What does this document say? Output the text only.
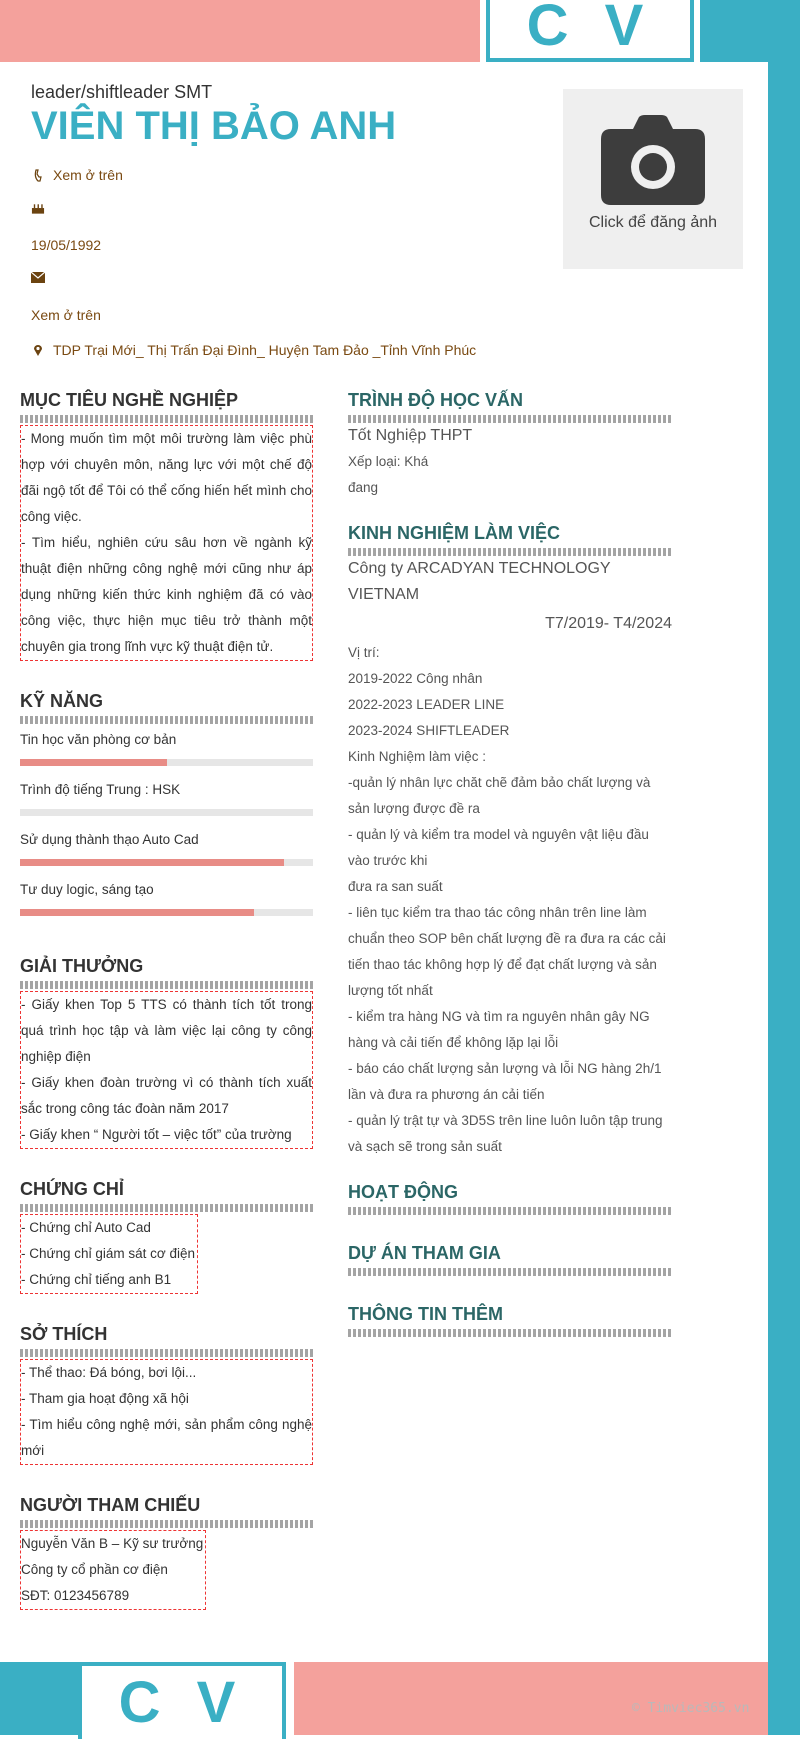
C V
C V	© Timviec365.vn
leader/shiftleader SMT
VIÊN THỊ BẢO ANH
Xem ở trên
19/05/1992
Xem ở trên
TDP Trại Mới_ Thị Trấn Đại Đình_ Huyện Tam Đảo _Tỉnh Vĩnh Phúc
Click để đăng ảnh
MỤC TIÊU NGHỀ NGHIỆP
- Mong muốn tìm một môi trường làm việc phù hợp với chuyên môn, năng lực với một chế độ đãi ngộ tốt để Tôi có thể cống hiến hết mình cho công việc.
- Tìm hiểu, nghiên cứu sâu hơn về ngành kỹ thuật điện những công nghệ mới cũng như áp dụng những kiến thức kinh nghiệm đã có vào công việc, thực hiện mục tiêu trở thành một chuyên gia trong lĩnh vực kỹ thuật điện tử.
KỸ NĂNG
Tin học văn phòng cơ bản
Trình độ tiếng Trung : HSK
Sử dụng thành thạo Auto Cad
Tư duy logic, sáng tạo
GIẢI THƯỞNG
- Giấy khen Top 5 TTS có thành tích tốt trong quá trình học tập và làm việc lại công ty công nghiệp điện
- Giấy khen đoàn trường vì có thành tích xuất sắc trong công tác đoàn năm 2017
- Giấy khen “ Người tốt – việc tốt” của trường
CHỨNG CHỈ
- Chứng chỉ Auto Cad
- Chứng chỉ giám sát cơ điện
- Chứng chỉ tiếng anh B1
SỞ THÍCH
- Thể thao: Đá bóng, bơi lội...
- Tham gia hoạt động xã hội
- Tìm hiểu công nghệ mới, sản phẩm công nghệ mới
NGƯỜI THAM CHIẾU
Nguyễn Văn B – Kỹ sư trưởng
Công ty cổ phần cơ điện
SĐT: 0123456789
TRÌNH ĐỘ HỌC VẤN
Tốt Nghiệp THPT
Xếp loại: Khá
đang
KINH NGHIỆM LÀM VIỆC
Công ty ARCADYAN TECHNOLOGY VIETNAM
T7/2019- T4/2024
Vị trí:
2019-2022 Công nhân
2022-2023 LEADER LINE
2023-2024 SHIFTLEADER
Kinh Nghiệm làm việc :
-quản lý nhân lực chăt chẽ đảm bảo chất lượng và sản lượng được đề ra
- quản lý và kiểm tra model và nguyên vật liệu đầu vào trước khi
đưa ra san suất
- liên tục kiểm tra thao tác công nhân trên line làm chuẩn theo SOP bên chất lượng đề ra đưa ra các cải tiến thao tác không hợp lý để đạt chất lượng và sản lượng tốt nhất
- kiểm tra hàng NG và tìm ra nguyên nhân gây NG hàng và cải tiến để không lặp lại lỗi
- báo cáo chất lượng sản lượng và lỗi NG hàng 2h/1 lần và đưa ra phương án cải tiến
- quản lý trật tự và 3D5S trên line luôn luôn tập trung và sạch sẽ trong sản suất
HOẠT ĐỘNG
DỰ ÁN THAM GIA
THÔNG TIN THÊM
